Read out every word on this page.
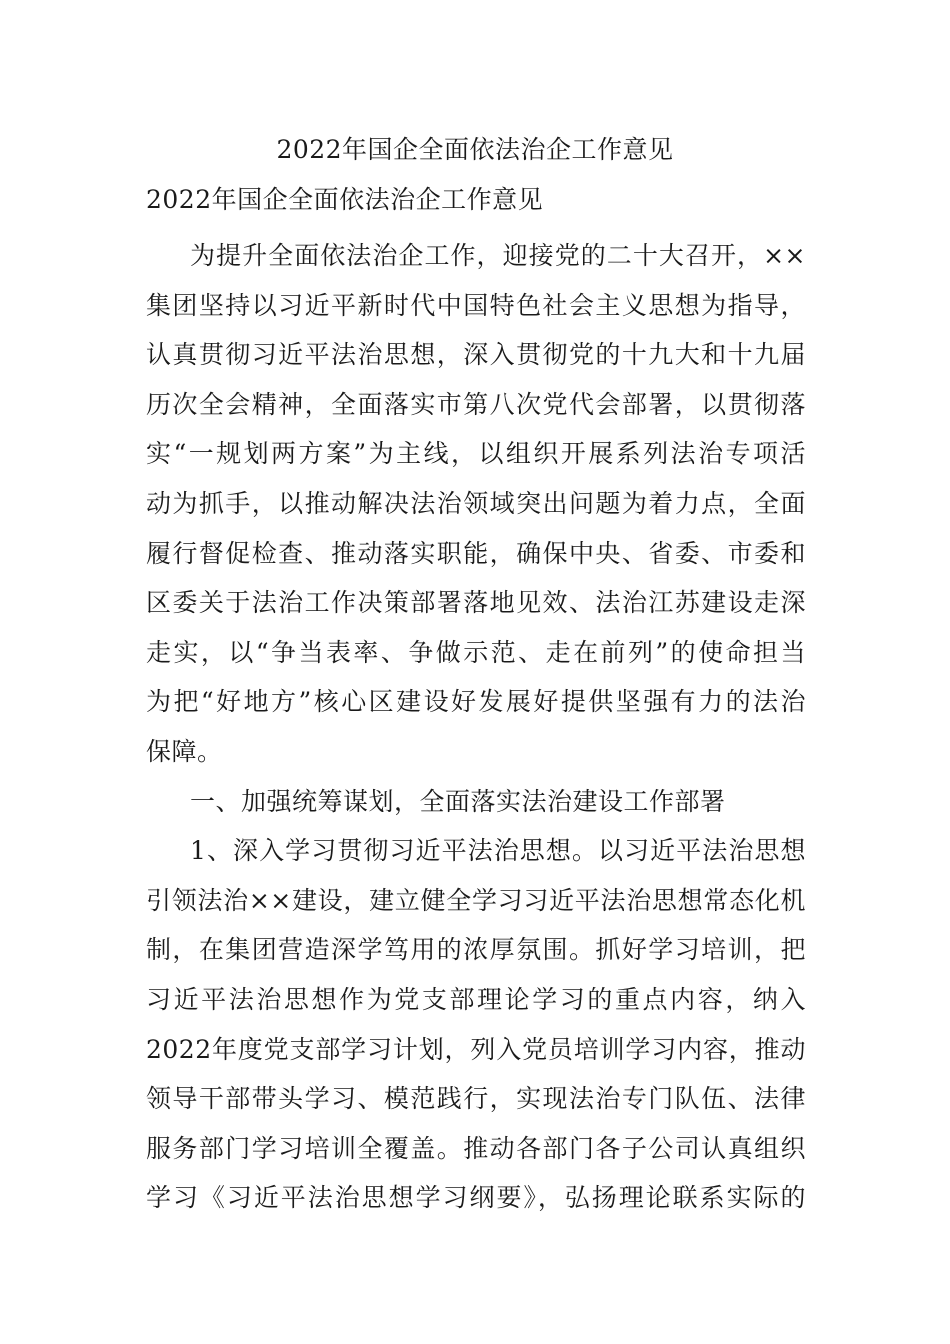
2022年国企全面依法治企工作意见
2022年国企全面依法治企工作意见
为提升全面依法治企工作，迎接党的二十大召开，××
集团坚持以习近平新时代中国特色社会主义思想为指导，
认真贯彻习近平法治思想，深入贯彻党的十九大和十九届
历次全会精神，全面落实市第八次党代会部署，以贯彻落
实“一规划两方案”为主线，以组织开展系列法治专项活
动为抓手，以推动解决法治领域突出问题为着力点，全面
履行督促检查、推动落实职能，确保中央、省委、市委和
区委关于法治工作决策部署落地见效、法治江苏建设走深
走实，以“争当表率、争做示范、走在前列”的使命担当
为把“好地方”核心区建设好发展好提供坚强有力的法治
保障。
一、加强统筹谋划，全面落实法治建设工作部署
1、深入学习贯彻习近平法治思想。以习近平法治思想
引领法治××建设，建立健全学习习近平法治思想常态化机
制，在集团营造深学笃用的浓厚氛围。抓好学习培训，把
习近平法治思想作为党支部理论学习的重点内容，纳入
2022年度党支部学习计划，列入党员培训学习内容，推动
领导干部带头学习、模范践行，实现法治专门队伍、法律
服务部门学习培训全覆盖。推动各部门各子公司认真组织
学习《习近平法治思想学习纲要》，弘扬理论联系实际的
